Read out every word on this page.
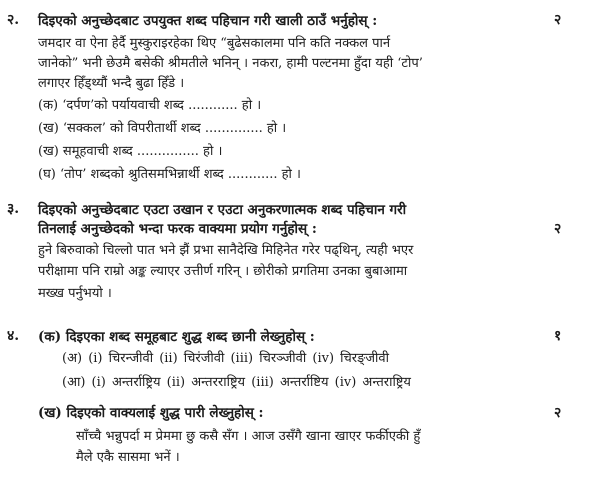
२. दिइएको अनुच्छेदबाट उपयुक्त शब्द पहिचान गरी खाली ठाउँ भर्नुहोस् :	२
जमदार वा ऐना हेर्दै मुस्कुराइरहेका थिए “बुढेसकालमा पनि कति नक्कल पार्न
जानेको” भनी छेउमै बसेकी श्रीमतीले भनिन् । नकरा, हामी पल्टनमा हुँदा यही ‘टोप’
लगाएर हिँड्थ्यौं भन्दै बुढा हिँडे ।
(क) ‘दर्पण’को पर्यायवाची शब्द ............ हो ।
(ख) ‘सक्कल’ को विपरीतार्थी शब्द .............. हो ।
(ख) समूहवाची शब्द ............... हो ।
(घ) ‘तोप’ शब्दको श्रुतिसमभिन्नार्थी शब्द ............ हो ।
३. दिइएको अनुच्छेदबाट एउटा उखान र एउटा अनुकरणात्मक शब्द पहिचान गरी
तिनलाई अनुच्छेदको भन्दा फरक वाक्यमा प्रयोग गर्नुहोस् :	२
हुने बिरुवाको चिल्लो पात भने झैं प्रभा सानैदेखि मिहिनेत गरेर पढ्थिन्, त्यही भएर
परीक्षामा पनि राम्रो अङ्क ल्याएर उत्तीर्ण गरिन् । छोरीको प्रगतिमा उनका बुबाआमा
मख्ख पर्नुभयो ।
४. (क) दिइएका शब्द समूहबाट शुद्ध शब्द छानी लेख्नुहोस् :	१
(अ) (i) चिरन्जीवी (ii) चिरंजीवी (iii) चिरञ्जीवी (iv) चिरङ्जीवी
(आ) (i) अन्तर्राष्ट्रिय (ii) अन्तरराष्ट्रिय (iii) अन्तर्राष्टिय (iv) अन्तराष्ट्रिय
(ख) दिइएको वाक्यलाई शुद्ध पारी लेख्नुहोस् :	२
साँच्चै भन्नुपर्दा म प्रेममा छु कसै सँग । आज उसँगै खाना खाएर फर्कीएकी हुँ
मैले एकै सासमा भनें ।
